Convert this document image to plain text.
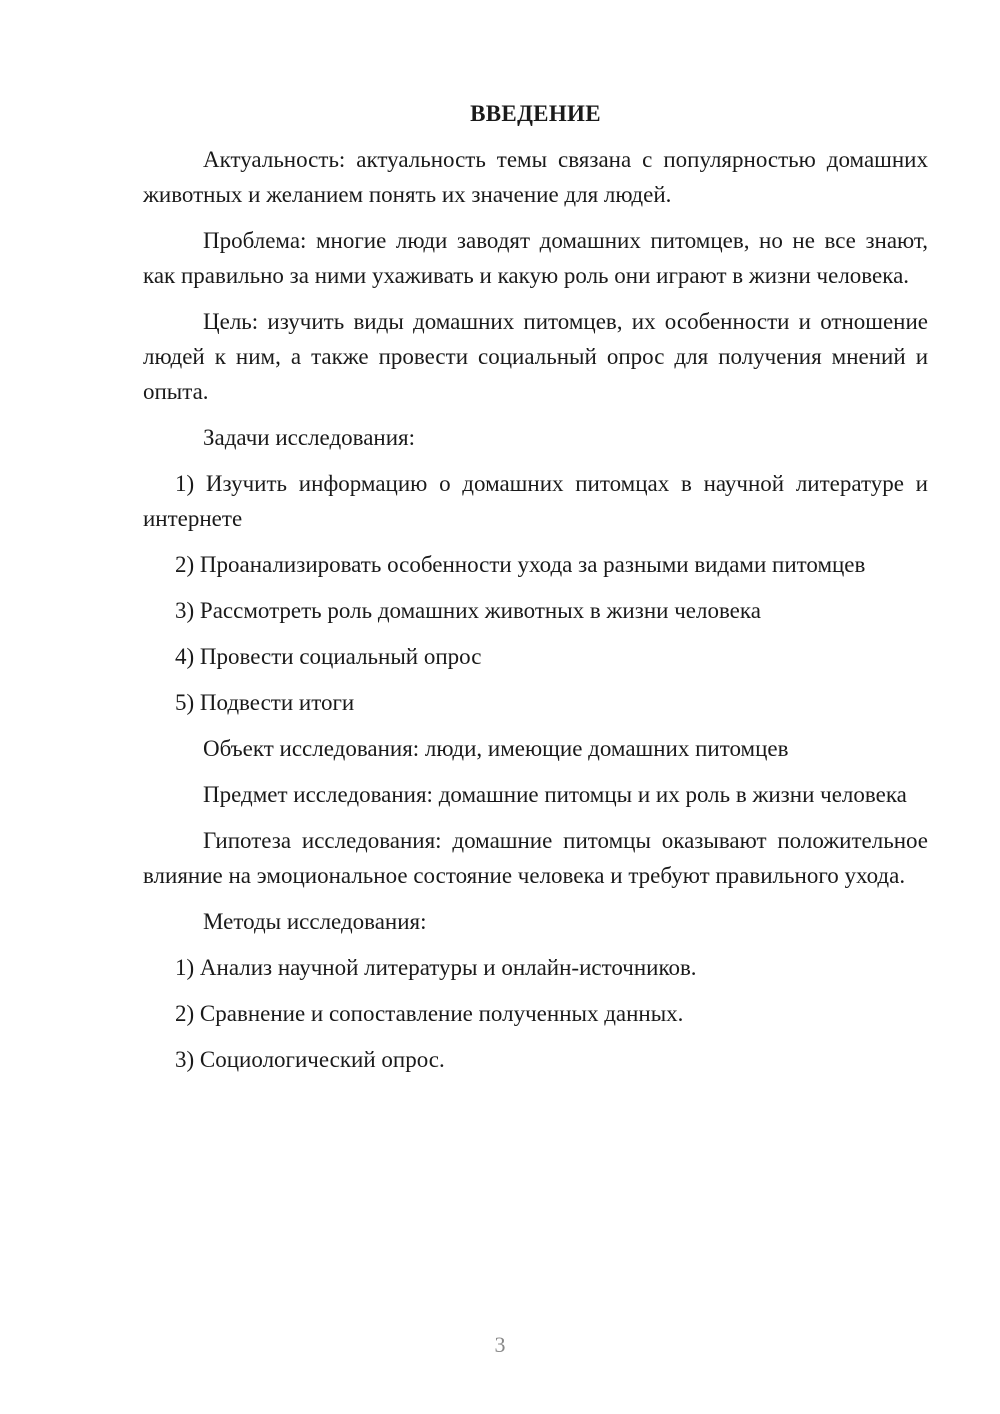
ВВЕДЕНИЕ

Актуальность: актуальность темы связана с популярностью домашних животных и желанием понять их значение для людей.

Проблема: многие люди заводят домашних питомцев, но не все знают, как правильно за ними ухаживать и какую роль они играют в жизни человека.

Цель: изучить виды домашних питомцев, их особенности и отношение людей к ним, а также провести социальный опрос для получения мнений и опыта.

Задачи исследования:

1) Изучить информацию о домашних питомцах в научной литературе и интернете

2) Проанализировать особенности ухода за разными видами питомцев

3) Рассмотреть роль домашних животных в жизни человека

4) Провести социальный опрос

5) Подвести итоги

Объект исследования: люди, имеющие домашних питомцев

Предмет исследования: домашние питомцы и их роль в жизни человека

Гипотеза исследования: домашние питомцы оказывают положительное влияние на эмоциональное состояние человека и требуют правильного ухода.

Методы исследования:

1) Анализ научной литературы и онлайн-источников.

2) Сравнение и сопоставление полученных данных.

3) Социологический опрос.

3
